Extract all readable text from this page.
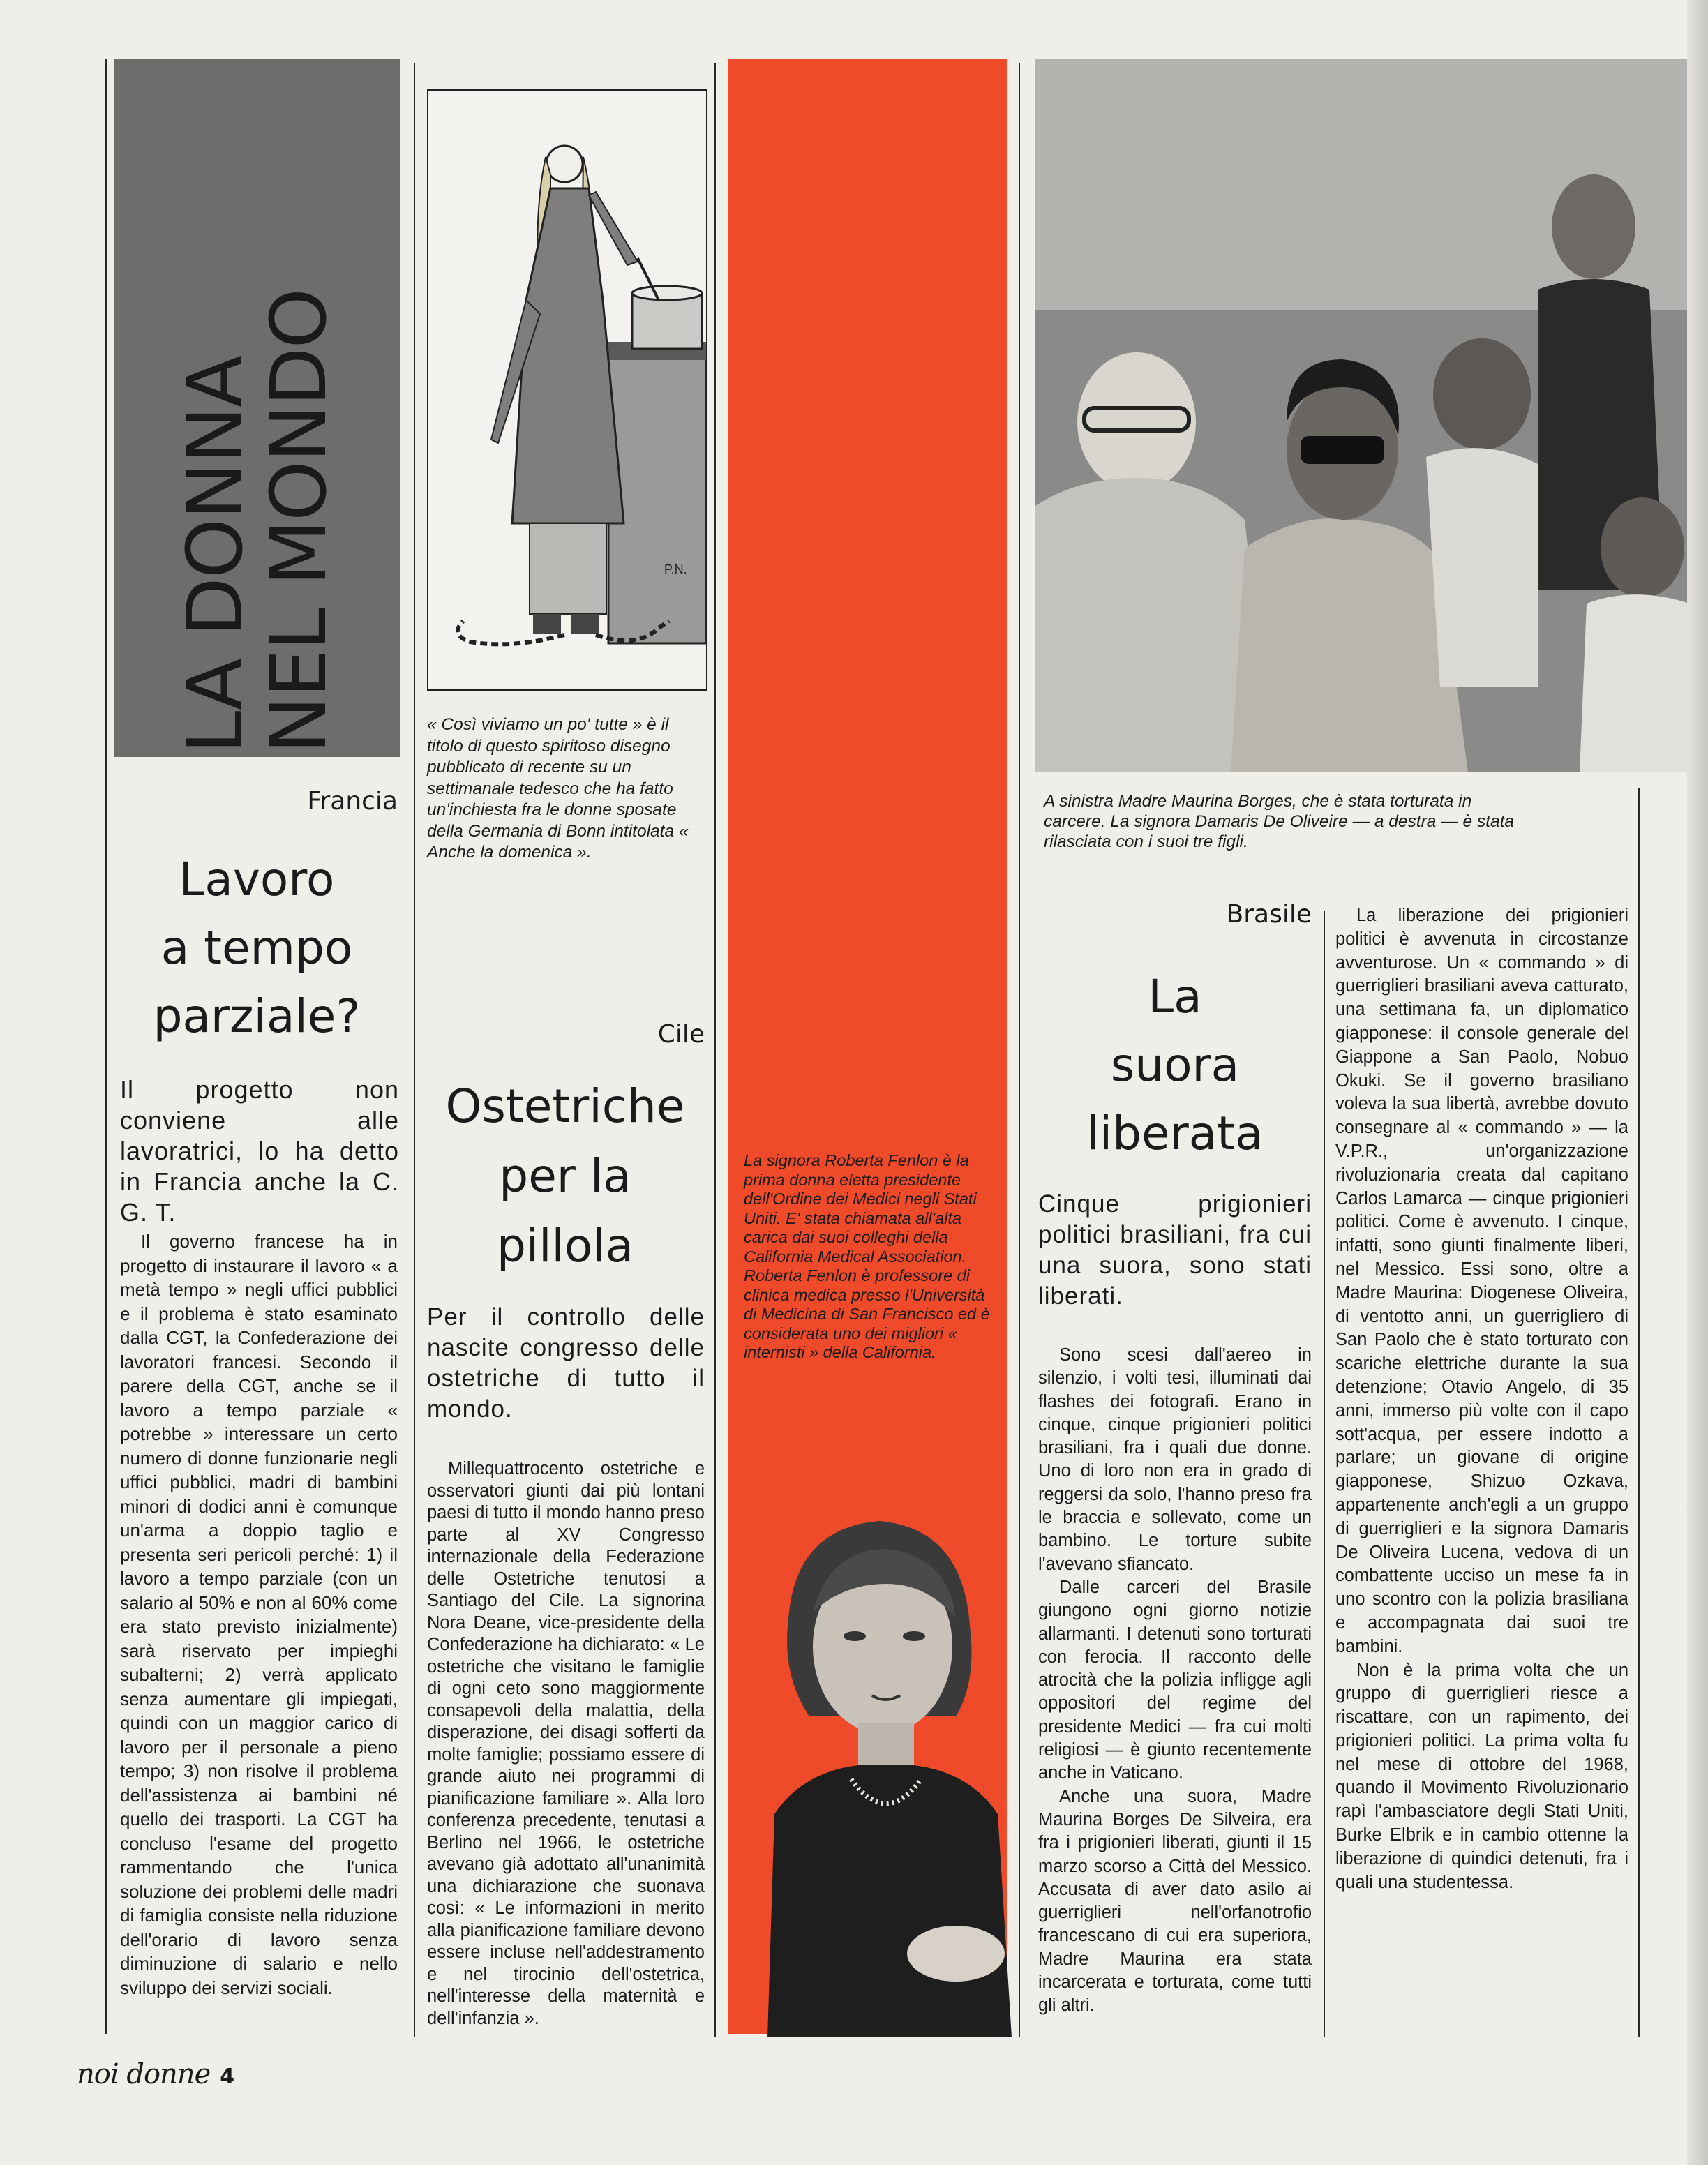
LA DONNA
NEL MONDO
Francia
Lavoro
a tempo
parziale?
Il progetto non conviene alle lavoratrici, lo ha detto in Francia anche la C. G. T.

Il governo francese ha in progetto di instaurare il lavoro « a metà tempo » negli uffici pubblici e il problema è stato esaminato dalla CGT, la Confederazione dei lavoratori francesi. Secondo il parere della CGT, anche se il lavoro a tempo parziale « potrebbe » interessare un certo numero di donne funzionarie negli uffici pubblici, madri di bambini minori di dodici anni è comunque un'arma a doppio taglio e presenta seri pericoli perché: 1) il lavoro a tempo parziale (con un salario al 50% e non al 60% come era stato previsto inizialmente) sarà riservato per impieghi subalterni; 2) verrà applicato senza aumentare gli impiegati, quindi con un maggior carico di lavoro per il personale a pieno tempo; 3) non risolve il problema dell'assistenza ai bambini né quello dei trasporti. La CGT ha concluso l'esame del progetto rammentando che l'unica soluzione dei problemi delle madri di famiglia consiste nella riduzione dell'orario di lavoro senza diminuzione di salario e nello sviluppo dei servizi sociali.

P.N.
« Così viviamo un po' tutte » è il titolo di questo spiritoso disegno pubblicato di recente su un settimanale tedesco che ha fatto un'inchiesta fra le donne sposate della Germania di Bonn intitolata « Anche la domenica ».
Cile
Ostetriche
per la
pillola
Per il controllo delle nascite congresso delle ostetriche di tutto il mondo.

Millequattrocento ostetriche e osservatori giunti dai più lontani paesi di tutto il mondo hanno preso parte al XV Congresso internazionale della Federazione delle Ostetriche tenutosi a Santiago del Cile. La signorina Nora Deane, vice-presidente della Confederazione ha dichiarato: « Le ostetriche che visitano le famiglie di ogni ceto sono maggiormente consapevoli della malattia, della disperazione, dei disagi sofferti da molte famiglie; possiamo essere di grande aiuto nei programmi di pianificazione familiare ». Alla loro conferenza precedente, tenutasi a Berlino nel 1966, le ostetriche avevano già adottato all'unanimità una dichiarazione che suonava così: « Le informazioni in merito alla pianificazione familiare devono essere incluse nell'addestramento e nel tirocinio dell'ostetrica, nell'interesse della maternità e dell'infanzia ».

La signora Roberta Fenlon è la prima donna eletta presidente dell'Ordine dei Medici negli Stati Uniti. E' stata chiamata all'alta carica dai suoi colleghi della California Medical Association. Roberta Fenlon è professore di clinica medica presso l'Università di Medicina di San Francisco ed è considerata uno dei migliori « internisti » della California.
A sinistra Madre Maurina Borges, che è stata torturata in carcere. La signora Damaris De Oliveire — a destra — è stata rilasciata con i suoi tre figli.
Brasile
La
suora
liberata
Cinque prigionieri politici brasiliani, fra cui una suora, sono stati liberati.

Sono scesi dall'aereo in silenzio, i volti tesi, illuminati dai flashes dei fotografi. Erano in cinque, cinque prigionieri politici brasiliani, fra i quali due donne. Uno di loro non era in grado di reggersi da solo, l'hanno preso fra le braccia e sollevato, come un bambino. Le torture subite l'avevano sfiancato.

Dalle carceri del Brasile giungono ogni giorno notizie allarmanti. I detenuti sono torturati con ferocia. Il racconto delle atrocità che la polizia infligge agli oppositori del regime del presidente Medici — fra cui molti religiosi — è giunto recentemente anche in Vaticano.

Anche una suora, Madre Maurina Borges De Silveira, era fra i prigionieri liberati, giunti il 15 marzo scorso a Città del Messico. Accusata di aver dato asilo ai guerriglieri nell'orfanotrofio francescano di cui era superiora, Madre Maurina era stata incarcerata e torturata, come tutti gli altri.

La liberazione dei prigionieri politici è avvenuta in circostanze avventurose. Un « commando » di guerriglieri brasiliani aveva catturato, una settimana fa, un diplomatico giapponese: il console generale del Giappone a San Paolo, Nobuo Okuki. Se il governo brasiliano voleva la sua libertà, avrebbe dovuto consegnare al « commando » — la V.P.R., un'organizzazione rivoluzionaria creata dal capitano Carlos Lamarca — cinque prigionieri politici. Come è avvenuto. I cinque, infatti, sono giunti finalmente liberi, nel Messico. Essi sono, oltre a Madre Maurina: Diogenese Oliveira, di ventotto anni, un guerrigliero di San Paolo che è stato torturato con scariche elettriche durante la sua detenzione; Otavio Angelo, di 35 anni, immerso più volte con il capo sott'acqua, per essere indotto a parlare; un giovane di origine giapponese, Shizuo Ozkava, appartenente anch'egli a un gruppo di guerriglieri e la signora Damaris De Oliveira Lucena, vedova di un combattente ucciso un mese fa in uno scontro con la polizia brasiliana e accompagnata dai suoi tre bambini.

Non è la prima volta che un gruppo di guerriglieri riesce a riscattare, con un rapimento, dei prigionieri politici. La prima volta fu nel mese di ottobre del 1968, quando il Movimento Rivoluzionario rapì l'ambasciatore degli Stati Uniti, Burke Elbrik e in cambio ottenne la liberazione di quindici detenuti, fra i quali una studentessa.

noi donne 4
